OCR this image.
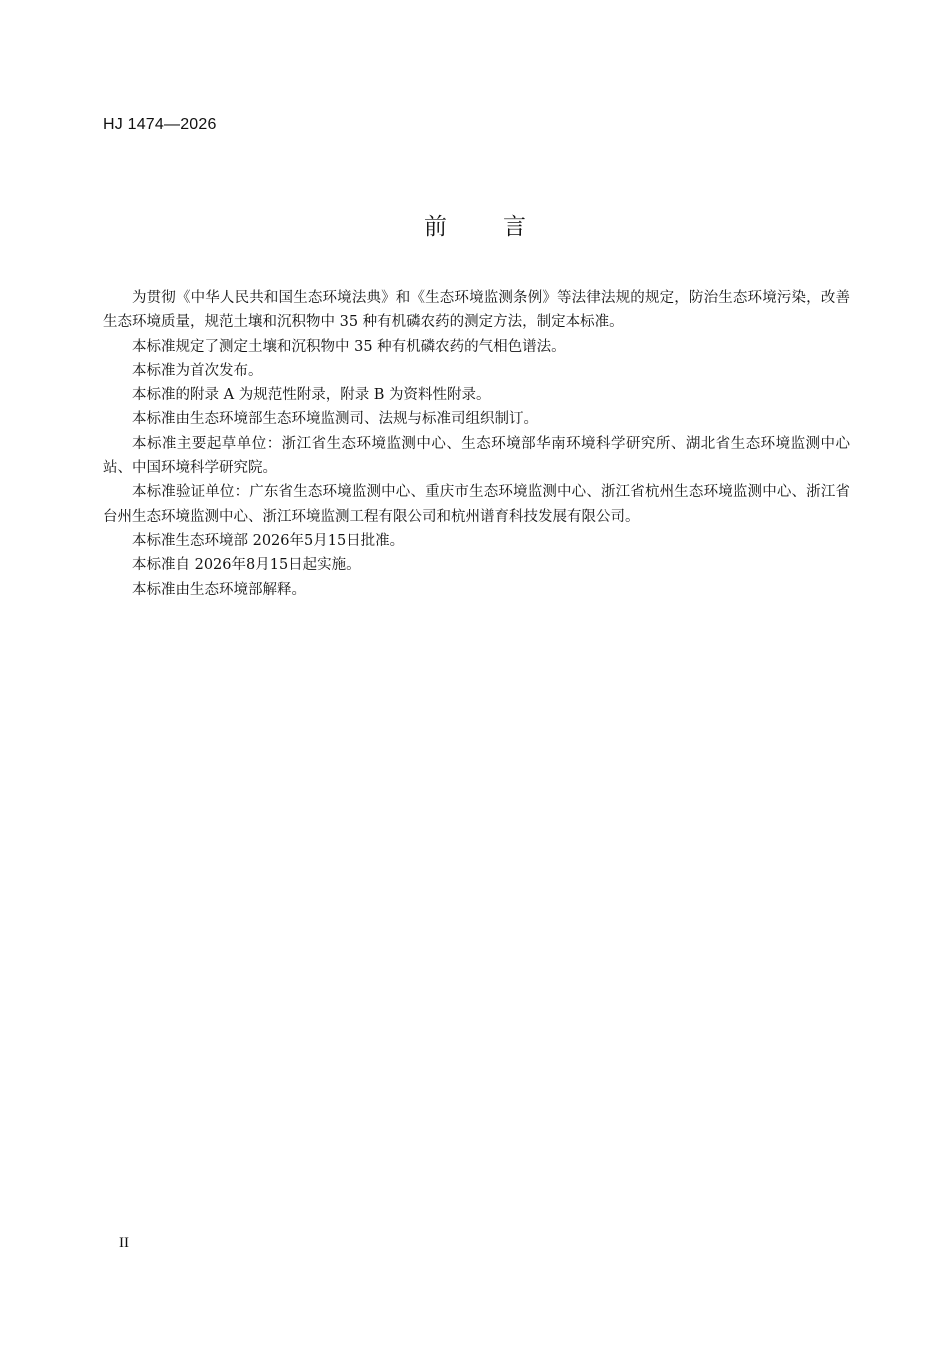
HJ 1474—2026
前言

为贯彻《中华人民共和国生态环境法典》和《生态环境监测条例》等法律法规的规定，防治生态环境污染，改善生态环境质量，规范土壤和沉积物中 35 种有机磷农药的测定方法，制定本标准。

本标准规定了测定土壤和沉积物中 35 种有机磷农药的气相色谱法。

本标准为首次发布。

本标准的附录 A 为规范性附录，附录 B 为资料性附录。

本标准由生态环境部生态环境监测司、法规与标准司组织制订。

本标准主要起草单位：浙江省生态环境监测中心、生态环境部华南环境科学研究所、湖北省生态环境监测中心站、中国环境科学研究院。

本标准验证单位：广东省生态环境监测中心、重庆市生态环境监测中心、浙江省杭州生态环境监测中心、浙江省台州生态环境监测中心、浙江环境监测工程有限公司和杭州谱育科技发展有限公司。

本标准生态环境部 2026年5月15日批准。

本标准自 2026年8月15日起实施。

本标准由生态环境部解释。

II
